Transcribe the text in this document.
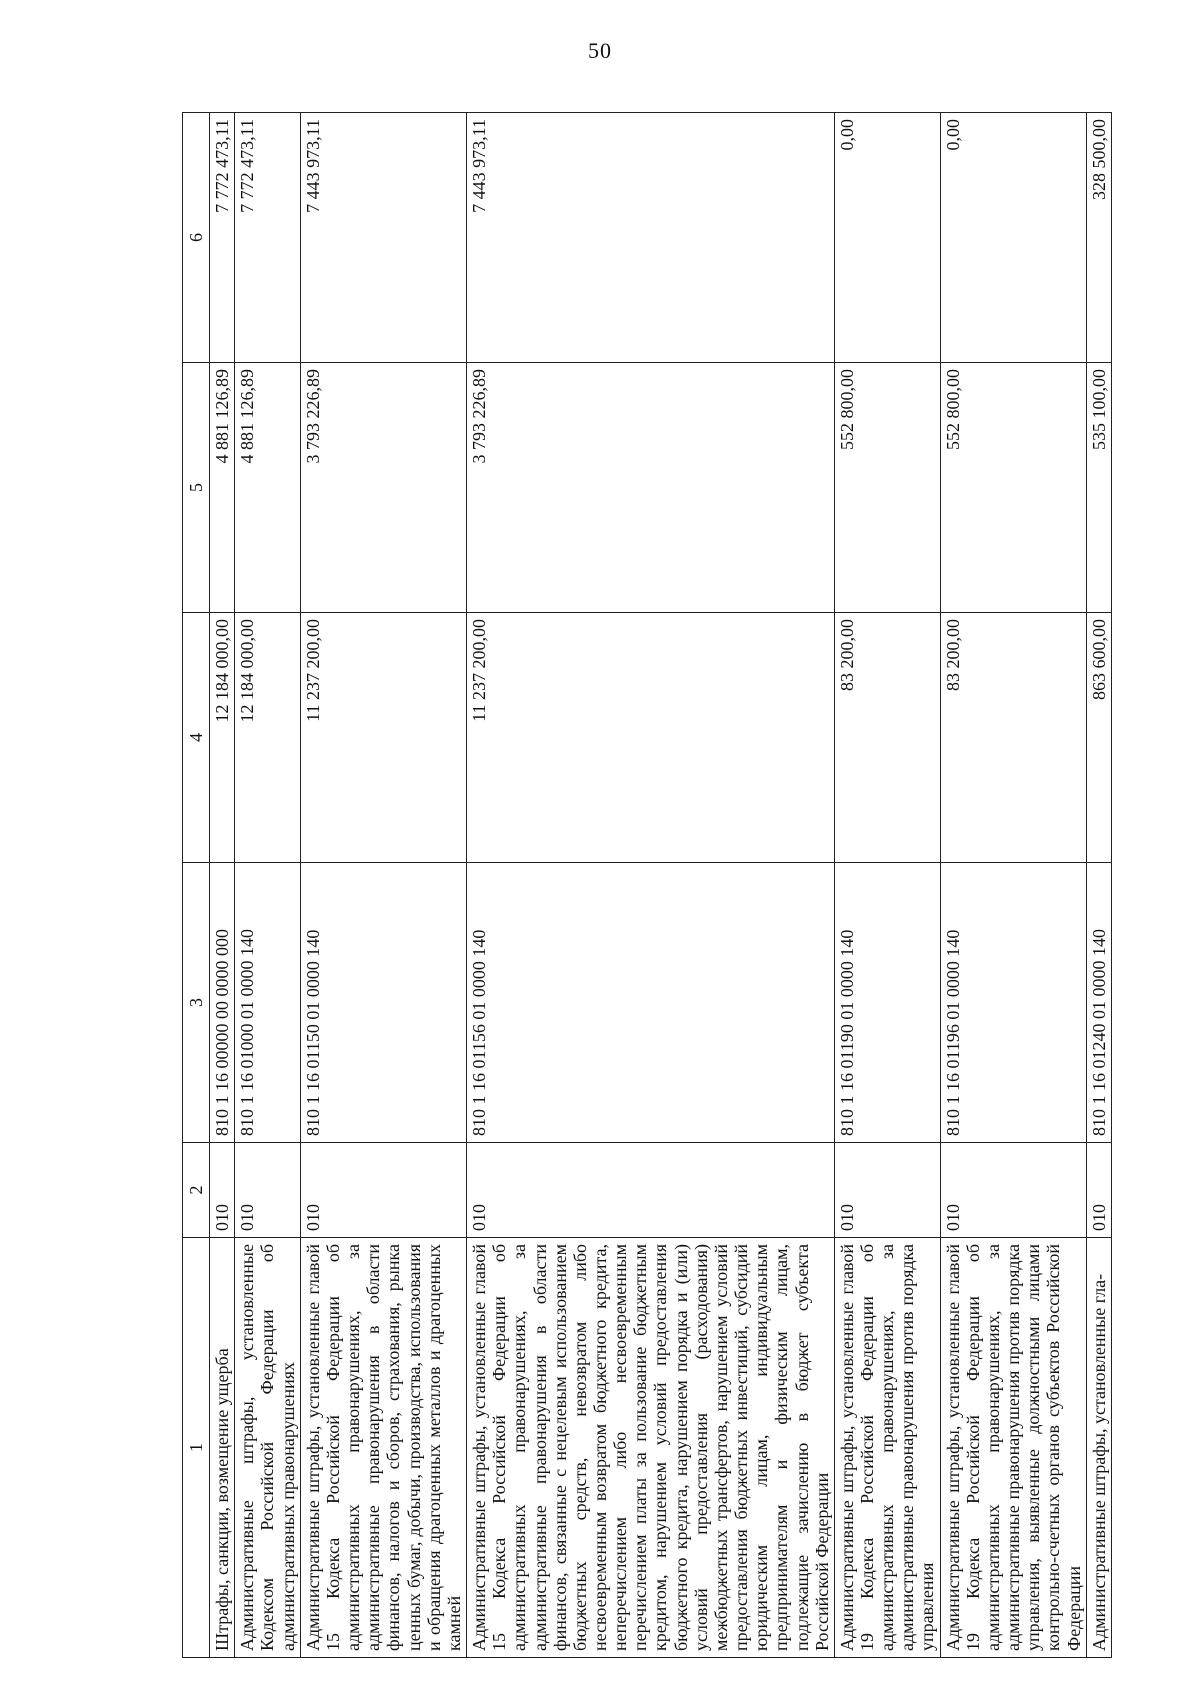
50
1	2	3	4	5	6
Штрафы, санкции, возмещение ущерба	010	810 1 16 00000 00 0000 000	12 184 000,00	4 881 126,89	7 772 473,11
Административные штрафы, установленные Кодексом Российской Федерации об административных правонарушениях	010	810 1 16 01000 01 0000 140	12 184 000,00	4 881 126,89	7 772 473,11
Административные штрафы, установленные главой 15 Кодекса Российской Федерации об административных правонарушениях, за административные правонарушения в области финансов, налогов и сборов, страхования, рынка ценных бумаг, добычи, производства, использования и обращения драгоценных металлов и драгоценных камней	010	810 1 16 01150 01 0000 140	11 237 200,00	3 793 226,89	7 443 973,11
Административные штрафы, установленные главой 15 Кодекса Российской Федерации об административных правонарушениях, за административные правонарушения в области финансов, связанные с нецелевым использованием бюджетных средств, невозвратом либо несвоевременным возвратом бюджетного кредита, неперечислением либо несвоевременным перечислением платы за пользование бюджетным кредитом, нарушением условий предоставления бюджетного кредита, нарушением порядка и (или) условий предоставления (расходования) межбюджетных трансфертов, нарушением условий предоставления бюджетных инвестиций, субсидий юридическим лицам, индивидуальным предпринимателям и физическим лицам, подлежащие зачислению в бюджет субъекта Российской Федерации	010	810 1 16 01156 01 0000 140	11 237 200,00	3 793 226,89	7 443 973,11
Административные штрафы, установленные главой 19 Кодекса Российской Федерации об административных правонарушениях, за административные правонарушения против порядка управления	010	810 1 16 01190 01 0000 140	83 200,00	552 800,00	0,00
Административные штрафы, установленные главой 19 Кодекса Российской Федерации об административных правонарушениях, за административные правонарушения против порядка управления, выявленные должностными лицами контрольно-счетных органов субъектов Российской Федерации	010	810 1 16 01196 01 0000 140	83 200,00	552 800,00	0,00
Административные штрафы, установленные гла-	010	810 1 16 01240 01 0000 140	863 600,00	535 100,00	328 500,00
